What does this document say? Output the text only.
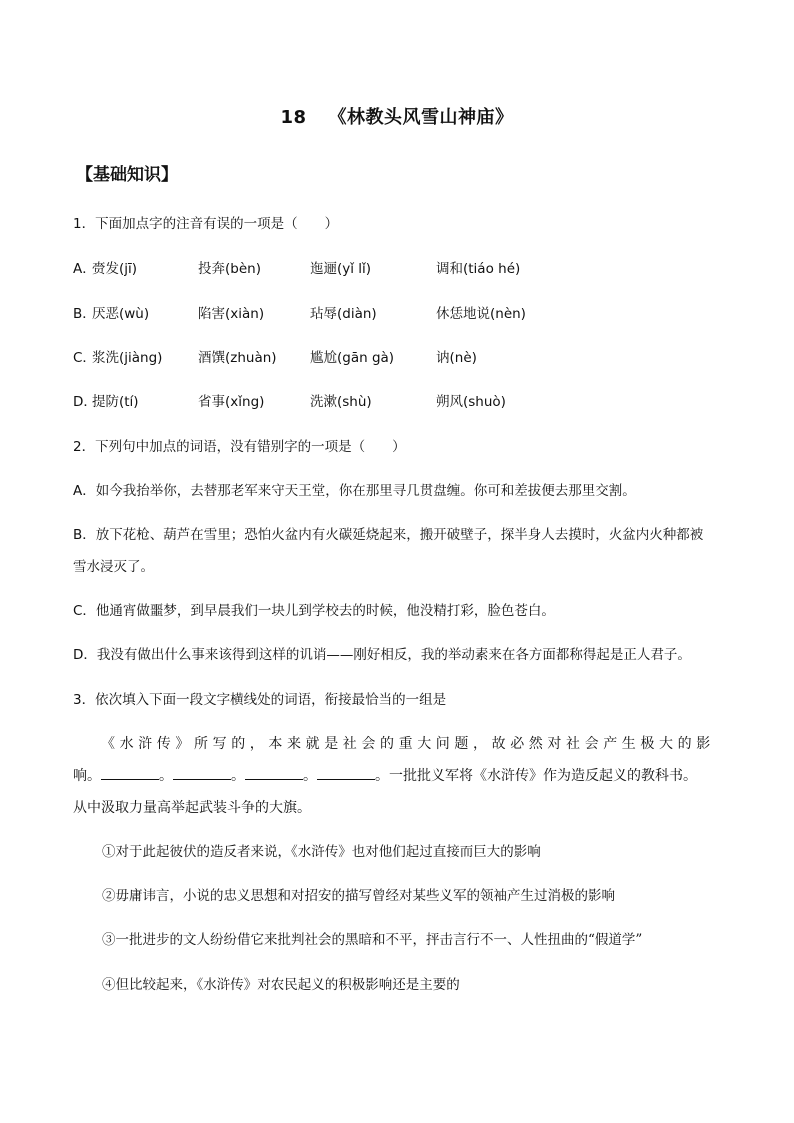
18 《林教头风雪山神庙》
【基础知识】
1．下面加点字的注音有误的一项是（　　）
A．
赍发(jī)	投奔(bèn)	迤逦(yǐ lǐ)	调和(tiáo hé)
B．
厌恶(wù)	陷害(xiàn)	玷辱(diàn)	休恁地说(nèn)
C．
浆洗(jiàng)	酒馔(zhuàn) 尴尬(gān gà)	讷(nè)
D．
提防(tí)	省事(xǐng)	洗漱(shù)	朔风(shuò)
2．下列句中加点的词语，没有错别字的一项是（　　）
A．如今我抬举你，去替那老军来守天王堂，你在那里寻几贯盘缠。你可和差拔便去那里交割。
B．放下花枪、葫芦在雪里；恐怕火盆内有火碳延烧起来，搬开破壁子，探半身人去摸时，火盆内火种都被
雪水浸灭了。
C．他通宵做噩梦，到早晨我们一块儿到学校去的时候，他没精打彩，脸色苍白。
D．我没有做出什么事来该得到这样的讥诮——刚好相反，我的举动素来在各方面都称得起是正人君子。
3．依次填入下面一段文字横线处的词语，衔接最恰当的一组是
《水浒传》所写的，本来就是社会的重大问题，故必然对社会产生极大的影
响。	。	。	。	。一批批义军将《水浒传》作为造反起义的教科书。
从中汲取力量高举起武装斗争的大旗。
①对于此起彼伏的造反者来说，《水浒传》也对他们起过直接而巨大的影响
②毋庸讳言，小说的忠义思想和对招安的描写曾经对某些义军的领袖产生过消极的影响
③一批进步的文人纷纷借它来批判社会的黑暗和不平，抨击言行不一、人性扭曲的“假道学”
④但比较起来，《水浒传》对农民起义的积极影响还是主要的
